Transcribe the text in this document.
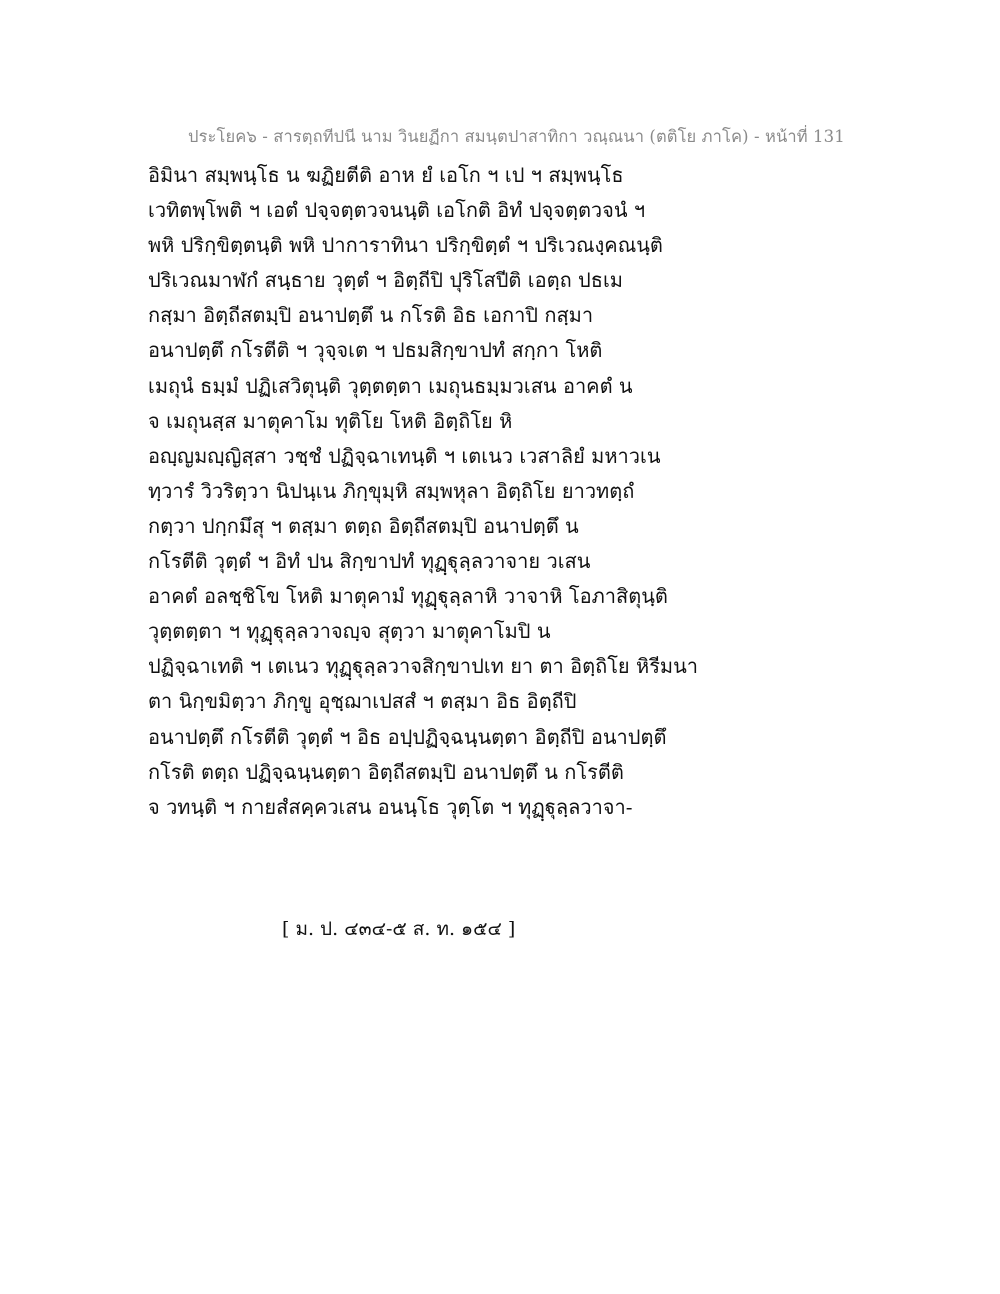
ประโยค๖ - สารตฺถทีปนี นาม วินยฏีกา สมนฺตปาสาทิกา วณฺณนา (ตติโย ภาโค) - หน้าที่ 131
อิมินา สมฺพนฺโธ น ฆฏิยตีติ อาห ยํ เอโก ฯ เป ฯ สมฺพนฺโธ
เวทิตพฺโพติ ฯ เอตํ ปจฺจตฺตวจนนฺติ เอโกติ อิทํ ปจฺจตฺตวจนํ ฯ
พหิ ปริกฺขิตฺตนฺติ พหิ ปาการาทินา ปริกฺขิตฺตํ ฯ ปริเวณงฺคณนฺติ
ปริเวณมาฬกํ สนฺธาย วุตฺตํ ฯ อิตฺถีปิ ปุริโสปีติ เอตฺถ ปธเม
กสฺมา อิตฺถีสตมฺปิ อนาปตฺตึ น กโรติ อิธ เอกาปิ กสฺมา
อนาปตฺตึ กโรตีติ ฯ วุจฺจเต ฯ ปธมสิกฺขาปทํ สกฺกา โหติ
เมถุนํ ธมฺมํ ปฏิเสวิตุนฺติ วุตฺตตฺตา เมถุนธมฺมวเสน อาคตํ น
จ เมถุนสฺส มาตุคาโม ทุติโย โหติ อิตฺถิโย หิ
อญฺญมญฺญิสฺสา วชฺชํ ปฏิจฺฉาเทนฺติ ฯ เตเนว เวสาลิยํ มหาวเน
ทฺวารํ วิวริตฺวา นิปนฺเน ภิกฺขุมฺหิ สมฺพหุลา อิตฺถิโย ยาวทตฺถํ
กตฺวา ปกฺกมึสุ ฯ ตสฺมา ตตฺถ อิตฺถีสตมฺปิ อนาปตฺตึ น
กโรตีติ วุตฺตํ ฯ อิทํ ปน สิกฺขาปทํ ทุฏฺฐุลฺลวาจาย วเสน
อาคตํ อลชฺชิโข โหติ มาตุคามํ ทุฏฺฐุลฺลาหิ วาจาหิ โอภาสิตุนฺติ
วุตฺตตฺตา ฯ ทุฏฺฐุลฺลวาจญฺจ สุตฺวา มาตุคาโมปิ น
ปฏิจฺฉาเทติ ฯ เตเนว ทุฏฺฐุลฺลวาจสิกฺขาปเท ยา ตา อิตฺถิโย หิรีมนา
ตา นิกฺขมิตฺวา ภิกฺขู อุชฺฌาเปสสํ ฯ ตสฺมา อิธ อิตฺถีปิ
อนาปตฺตึ กโรตีติ วุตฺตํ ฯ อิธ อปฺปฏิจฺฉนฺนตฺตา อิตฺถีปิ อนาปตฺตึ
กโรติ ตตฺถ ปฏิจฺฉนฺนตฺตา อิตฺถีสตมฺปิ อนาปตฺตึ น กโรตีติ
จ วทนฺติ ฯ กายสํสคฺควเสน อนนฺโธ วุตฺโต ฯ ทุฏฺฐุลฺลวาจา-
[ ม. ป. ๔๓๔-๕ ส. ท. ๑๕๔ ]
